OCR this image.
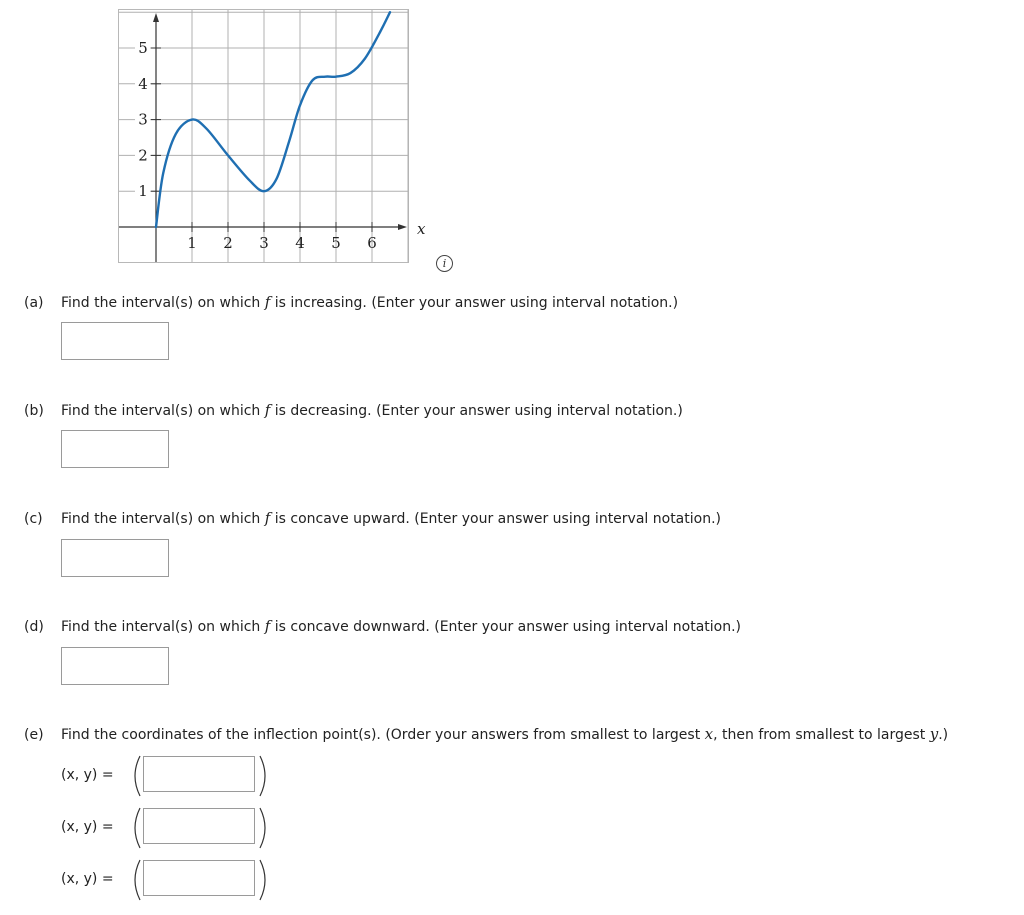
1 2 3 4 5 6
1
2
3
4
5
x
i
(a) Find the interval(s) on which f is increasing. (Enter your answer using interval notation.)
(b) Find the interval(s) on which f is decreasing. (Enter your answer using interval notation.)
(c) Find the interval(s) on which f is concave upward. (Enter your answer using interval notation.)
(d) Find the interval(s) on which f is concave downward. (Enter your answer using interval notation.)
(e) Find the coordinates of the inflection point(s). (Order your answers from smallest to largest x, then from smallest to largest y.)
(x, y) =
(x, y) =
(x, y) =
